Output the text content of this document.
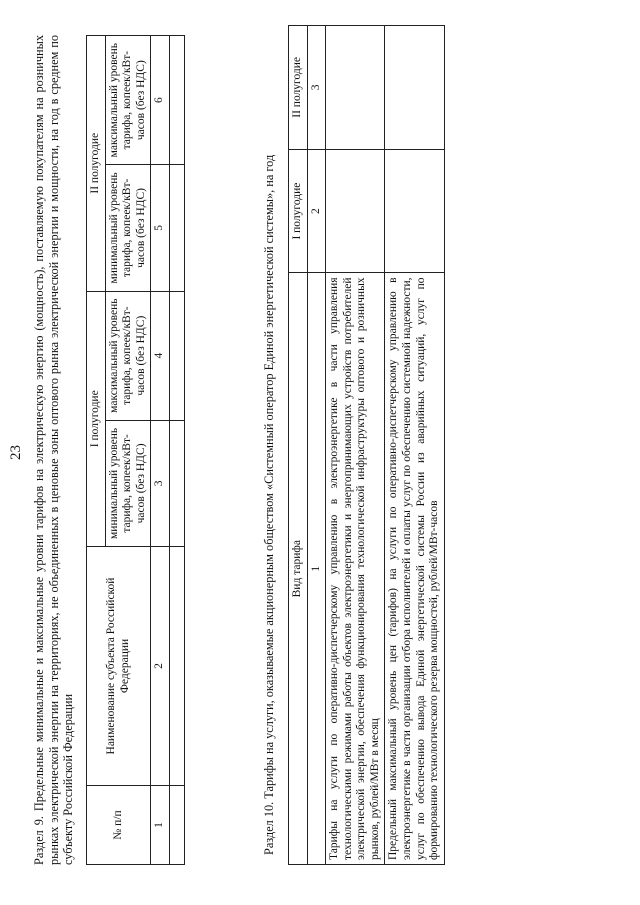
23 Раздел 9. Предельные минимальные и максимальные уровни тарифов на электрическую энергию (мощность), поставляемую покупателям на розничных рынках электрической энергии на территориях, не объединенных в ценовые зоны оптового рынка электрической энергии и мощности, на год в среднем по субъекту Российской Федерации	№ п/п	Наименование субъекта Российской Федерации	I полугодие		II полугодие	
		минимальный уровень тарифа, копеек/кВт-часов (без НДС)	максимальный уровень тарифа, копеек/кВт-часов (без НДС)	минимальный уровень тарифа, копеек/кВт-часов (без НДС)	максимальный уровень тарифа, копеек/кВт-часов (без НДС)
1	2	3	4	5	6

Раздел 10. Тарифы на услуги, оказываемые акционерным обществом «Системный оператор Единой энергетической системы», на год Вид тарифа	I полугодие	II полугодие
1	2	3
Тарифы на услуги по оперативно-диспетчерскому управлению в электроэнергетике в части управления технологическими режимами работы объектов электроэнергетики и энергопринимающих устройств потребителей электрической энергии, обеспечения функционирования технологической инфраструктуры оптового и розничных рынков, рублей/МВт в месяц		
Предельный максимальный уровень цен (тарифов) на услуги по оперативно-диспетчерскому управлению в электроэнергетике в части организации отбора исполнителей и оплаты услуг по обеспечению системной надежности, услуг по обеспечению вывода Единой энергетической системы России из аварийных ситуаций, услуг по формированию технологического резерва мощностей, рублей/МВт-часов		
